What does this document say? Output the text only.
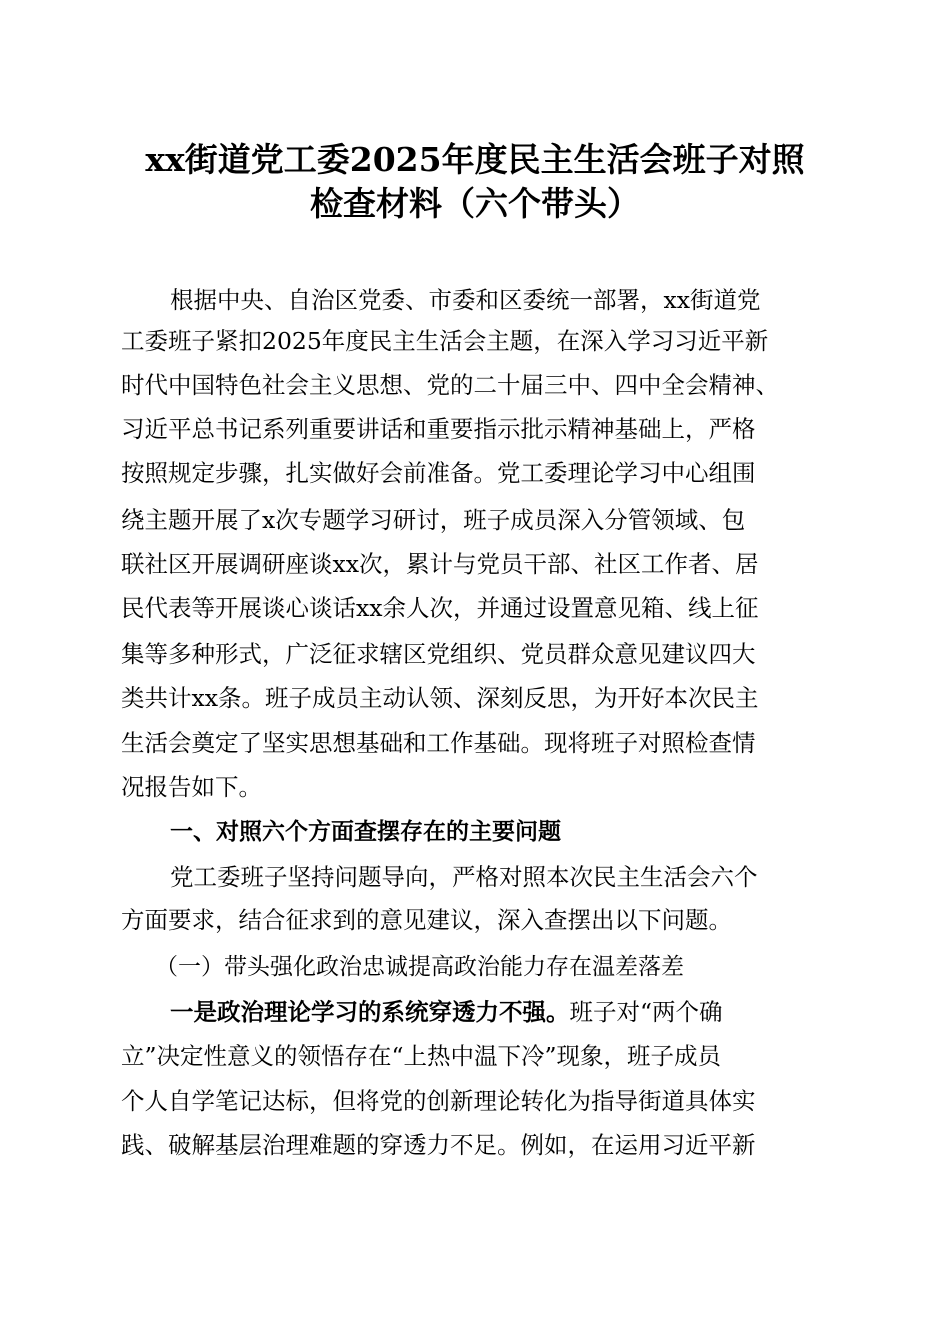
xx街道党工委2025年度民主生活会班子对照
检查材料（六个带头）
根据中央、自治区党委、市委和区委统一部署，xx街道党
工委班子紧扣2025年度民主生活会主题，在深入学习习近平新
时代中国特色社会主义思想、党的二十届三中、四中全会精神、
习近平总书记系列重要讲话和重要指示批示精神基础上，严格
按照规定步骤，扎实做好会前准备。党工委理论学习中心组围
绕主题开展了x次专题学习研讨，班子成员深入分管领域、包
联社区开展调研座谈xx次，累计与党员干部、社区工作者、居
民代表等开展谈心谈话xx余人次，并通过设置意见箱、线上征
集等多种形式，广泛征求辖区党组织、党员群众意见建议四大
类共计xx条。班子成员主动认领、深刻反思，为开好本次民主
生活会奠定了坚实思想基础和工作基础。现将班子对照检查情
况报告如下。
一、对照六个方面查摆存在的主要问题
党工委班子坚持问题导向，严格对照本次民主生活会六个
方面要求，结合征求到的意见建议，深入查摆出以下问题。
（一）带头强化政治忠诚提高政治能力存在温差落差
一是政治理论学习的系统穿透力不强。班子对“两个确
立”决定性意义的领悟存在“上热中温下冷”现象，班子成员
个人自学笔记达标，但将党的创新理论转化为指导街道具体实
践、破解基层治理难题的穿透力不足。例如，在运用习近平新
